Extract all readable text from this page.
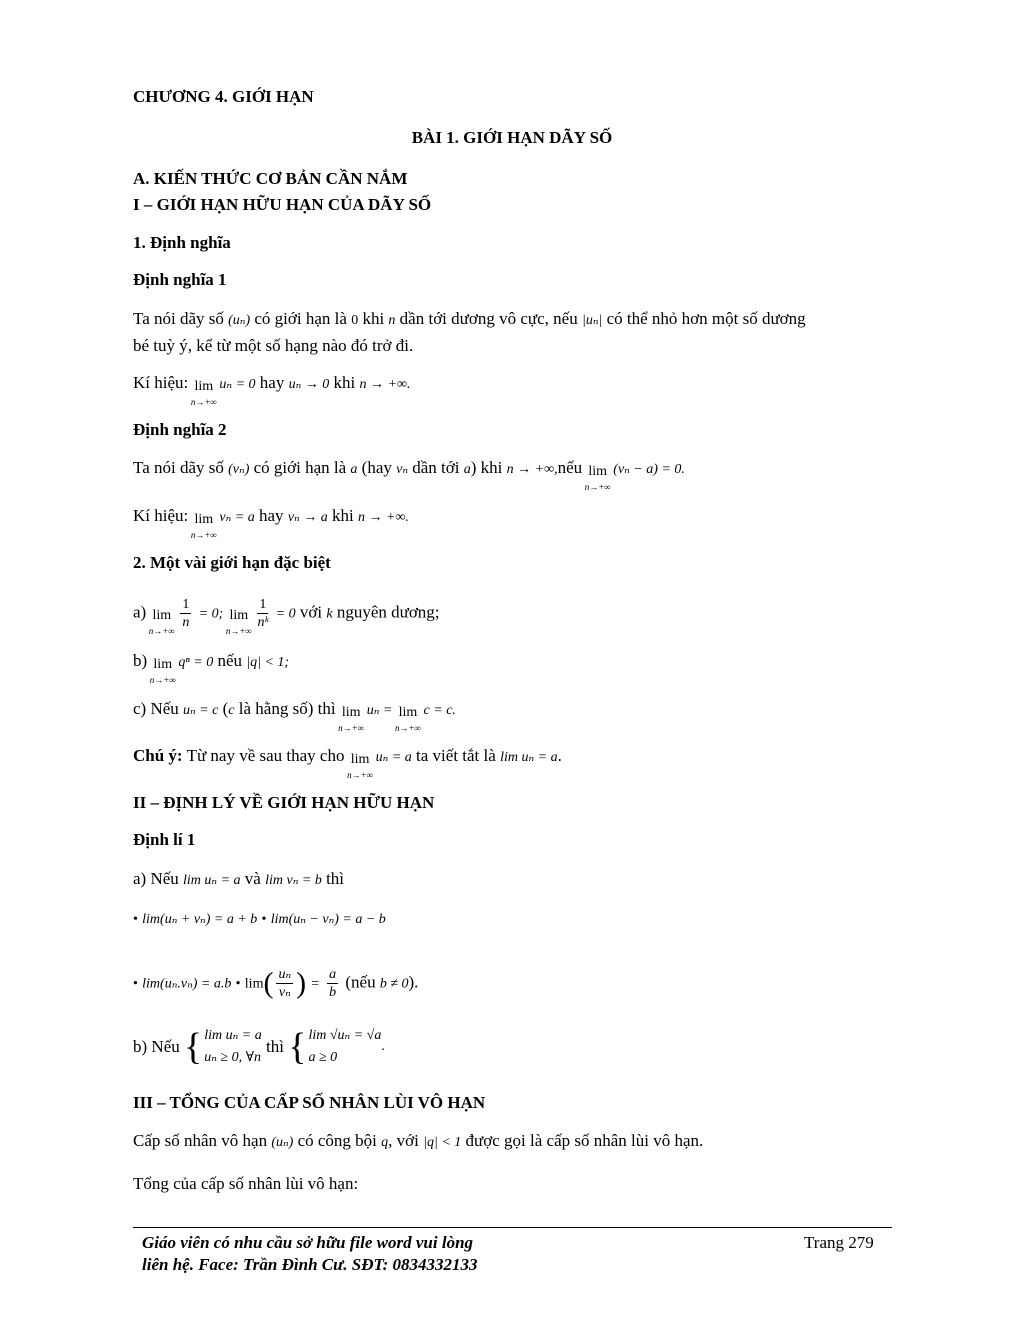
CHƯƠNG 4. GIỚI HẠN
BÀI 1. GIỚI HẠN DÃY SỐ
A. KIẾN THỨC CƠ BẢN CẦN NẮM
I – GIỚI HẠN HỮU HẠN CỦA DÃY SỐ
1. Định nghĩa
Định nghĩa 1
Ta nói dãy số (uₙ) có giới hạn là 0 khi n dần tới dương vô cực, nếu |uₙ| có thể nhỏ hơn một số dương
bé tuỳ ý, kể từ một số hạng nào đó trở đi.
Kí hiệu: lim
n→+∞
uₙ = 0 hay uₙ → 0 khi n → +∞.
Định nghĩa 2
Ta nói dãy số (vₙ) có giới hạn là a (hay vₙ dần tới a) khi n → +∞,nếu lim
n→+∞
(vₙ − a) = 0.
Kí hiệu: lim
n→+∞
vₙ = a hay vₙ → a khi n → +∞.
2. Một vài giới hạn đặc biệt
a) lim
n→+∞

$\frac{1}{n} = 0$; lim
n→+∞

$\frac{1}{\text{nᵏ}} = 0$ với k nguyên dương;
b) lim
n→+∞
qⁿ = 0 nếu |q| < 1;
c) Nếu uₙ = c (c là hằng số) thì lim
n→+∞
uₙ = lim
n→+∞
c = c.
Chú ý: Từ nay về sau thay cho lim
n→+∞
uₙ = a ta viết tắt là lim uₙ = a.
II – ĐỊNH LÝ VỀ GIỚI HẠN HỮU HẠN
Định lí 1
a) Nếu lim uₙ = a và lim vₙ = b thì
• lim(uₙ + vₙ) = a + b • lim(uₙ − vₙ) = a − b
• lim(uₙ.vₙ) = a.b • $\lim( \frac{\text{uₙ}}{\text{vₙ}}$ ) = $\frac{a}{b}$ (nếu b ≠ 0).
b) Nếu { lim uₙ = a
uₙ ≥ 0, ∀n
thì { lim √uₙ = √a
a ≥ 0
.
III – TỔNG CỦA CẤP SỐ NHÂN LÙI VÔ HẠN
Cấp số nhân vô hạn (uₙ) có công bội q, với |q| < 1 được gọi là cấp số nhân lùi vô hạn.
Tổng của cấp số nhân lùi vô hạn:
Giáo viên có nhu cầu sở hữu file word vui lòng
liên hệ. Face: Trần Đình Cư. SĐT: 0834332133
Trang 279
